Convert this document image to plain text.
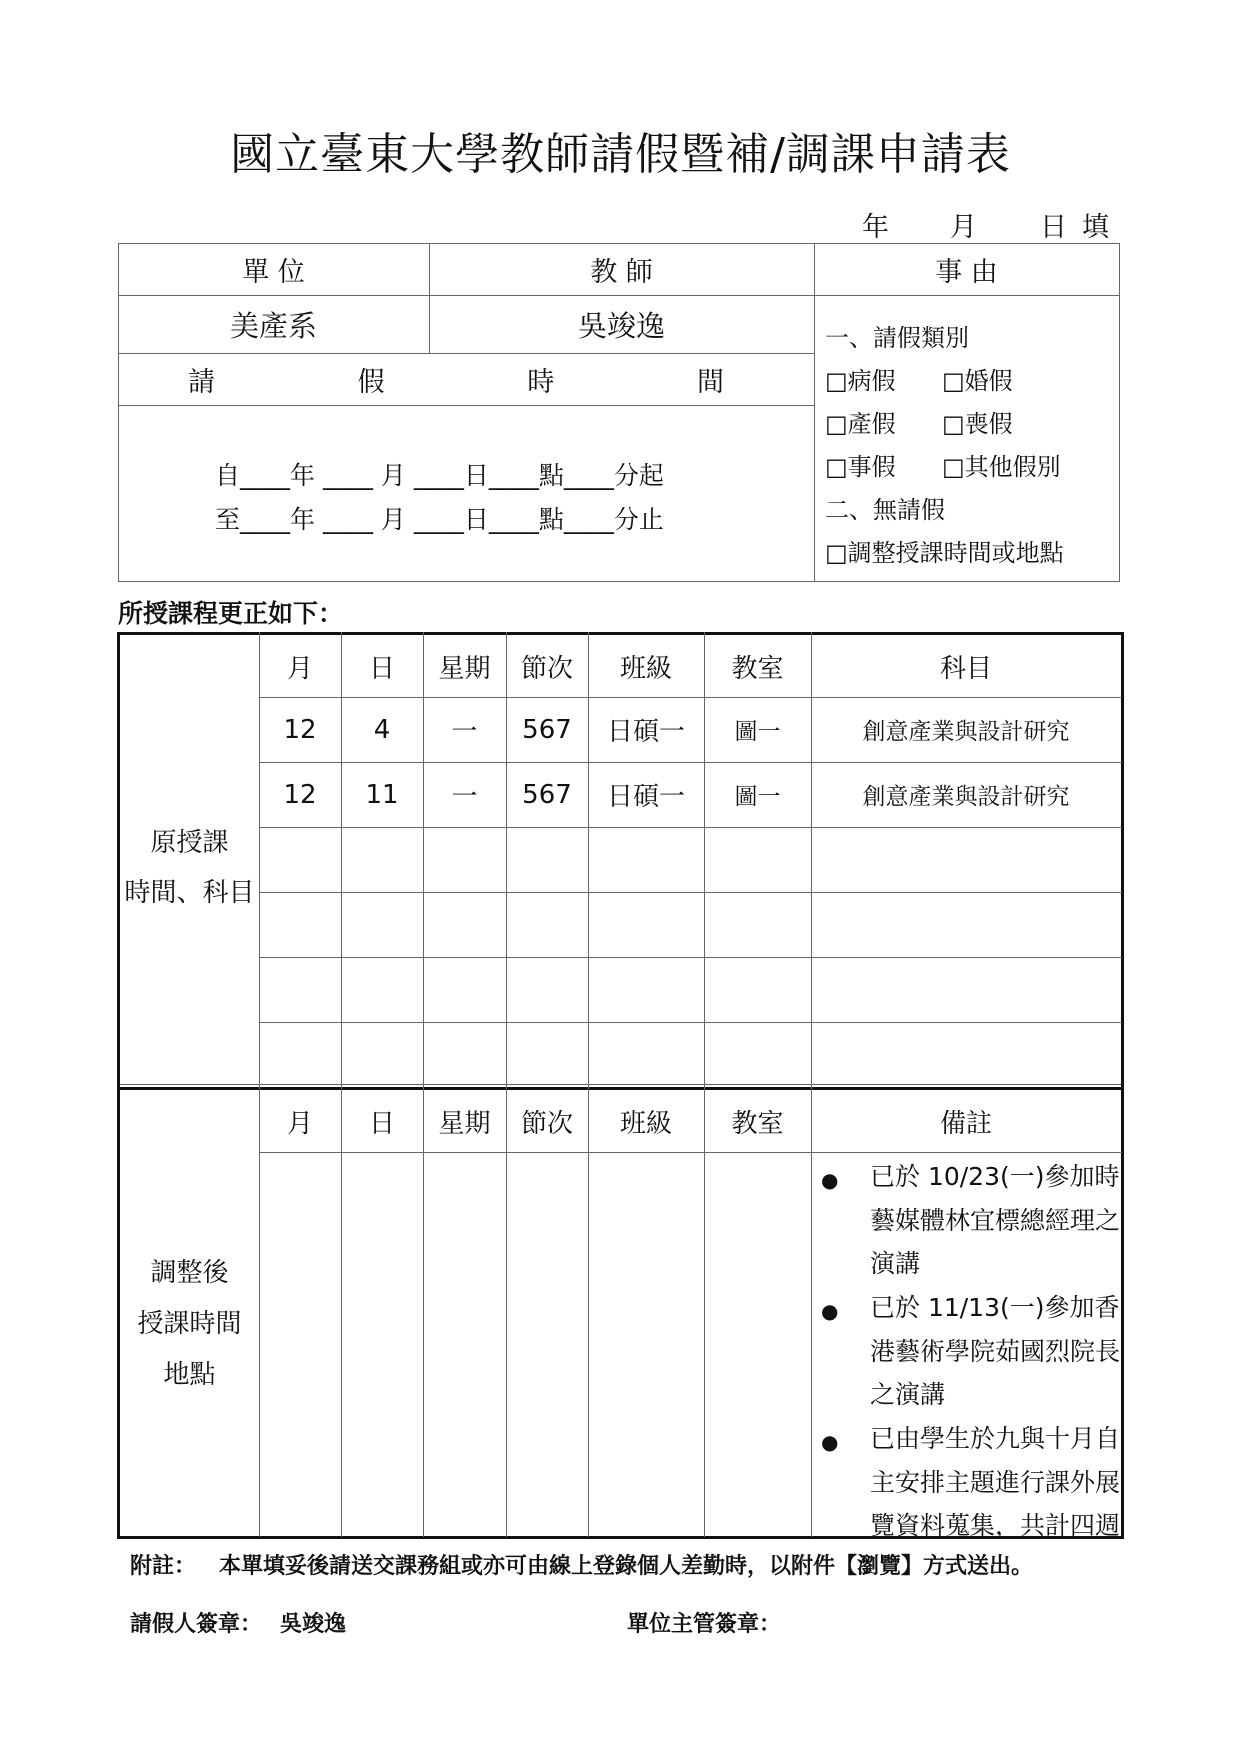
國立臺東大學教師請假暨補/調課申請表
年 月 日 填
單 位	教 師	事 由
美產系	吳竣逸
請	假	時	間
自____年 ____ 月 ____日____點____分起
至____年 ____ 月 ____日____點____分止
一、請假類別
□病假 □婚假
□產假 □喪假
□事假 □其他假別
二、無請假
□調整授課時間或地點
所授課程更正如下：
原授課
時間、科目
月	日	星期	節次	班級	教室	科目
12	4	一	567	日碩一	圖一	創意產業與設計研究
12	11	一	567	日碩一	圖一	創意產業與設計研究
調整後
授課時間
地點
月	日	星期	節次	班級	教室	備註
● 已於 10/23(一)參加時藝媒體林宜標總經理之演講
● 已於 11/13(一)參加香港藝術學院茹國烈院長之演講
● 已由學生於九與十月自主安排主題進行課外展覽資料蒐集，共計四週
附註： 本單填妥後請送交課務組或亦可由線上登錄個人差勤時，以附件【瀏覽】方式送出。
請假人簽章： 吳竣逸	單位主管簽章：
